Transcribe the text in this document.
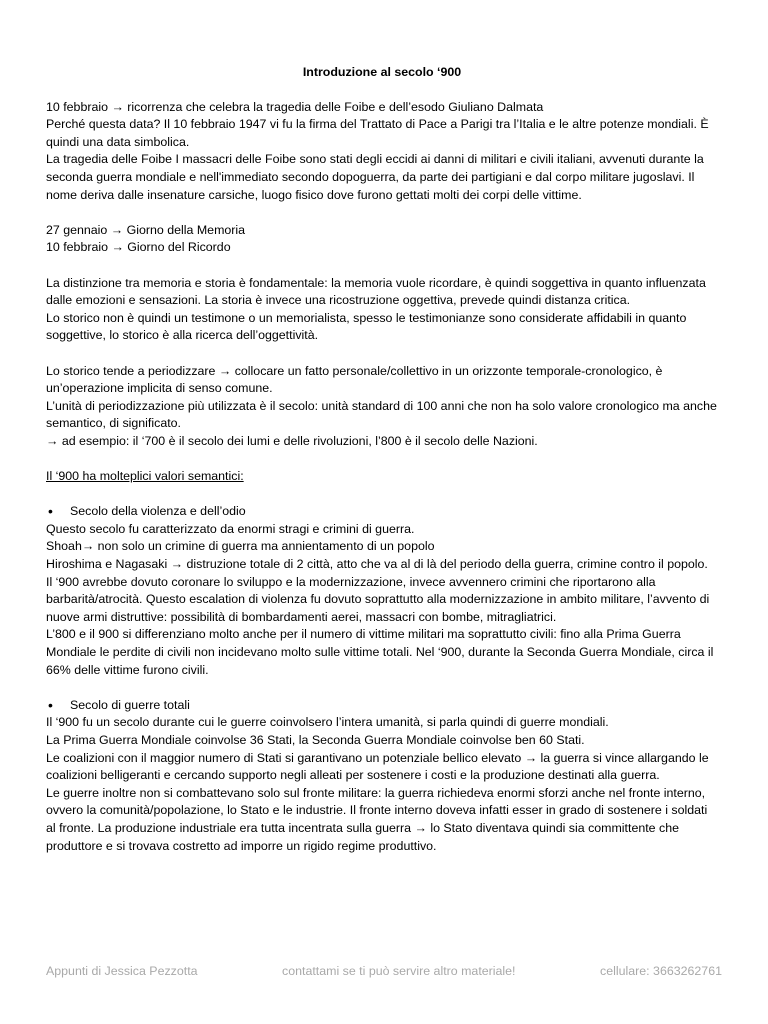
Introduzione al secolo ‘900

10 febbraio → ricorrenza che celebra la tragedia delle Foibe e dell’esodo Giuliano Dalmata

Perché questa data? Il 10 febbraio 1947 vi fu la firma del Trattato di Pace a Parigi tra l’Italia e le altre potenze mondiali. È quindi una data simbolica.

La tragedia delle Foibe I massacri delle Foibe sono stati degli eccidi ai danni di militari e civili italiani, avvenuti durante la seconda guerra mondiale e nell'immediato secondo dopoguerra, da parte dei partigiani e dal corpo militare jugoslavi. Il nome deriva dalle insenature carsiche, luogo fisico dove furono gettati molti dei corpi delle vittime.

27 gennaio → Giorno della Memoria

10 febbraio → Giorno del Ricordo

La distinzione tra memoria e storia è fondamentale: la memoria vuole ricordare, è quindi soggettiva in quanto influenzata dalle emozioni e sensazioni. La storia è invece una ricostruzione oggettiva, prevede quindi distanza critica.

Lo storico non è quindi un testimone o un memorialista, spesso le testimonianze sono considerate affidabili in quanto soggettive, lo storico è alla ricerca dell’oggettività.

Lo storico tende a periodizzare → collocare un fatto personale/collettivo in un orizzonte temporale-cronologico, è un’operazione implicita di senso comune.

L’unità di periodizzazione più utilizzata è il secolo: unità standard di 100 anni che non ha solo valore cronologico ma anche semantico, di significato.

→ ad esempio: il ‘700 è il secolo dei lumi e delle rivoluzioni, l’800 è il secolo delle Nazioni.

Il ‘900 ha molteplici valori semantici:

• Secolo della violenza e dell’odio

Questo secolo fu caratterizzato da enormi stragi e crimini di guerra.

Shoah→ non solo un crimine di guerra ma annientamento di un popolo

Hiroshima e Nagasaki → distruzione totale di 2 città, atto che va al di là del periodo della guerra, crimine contro il popolo.

Il ‘900 avrebbe dovuto coronare lo sviluppo e la modernizzazione, invece avvennero crimini che riportarono alla barbarità/atrocità. Questo escalation di violenza fu dovuto soprattutto alla modernizzazione in ambito militare, l’avvento di nuove armi distruttive: possibilità di bombardamenti aerei, massacri con bombe, mitragliatrici.

L’800 e il 900 si differenziano molto anche per il numero di vittime militari ma soprattutto civili: fino alla Prima Guerra Mondiale le perdite di civili non incidevano molto sulle vittime totali. Nel ‘900, durante la Seconda Guerra Mondiale, circa il 66% delle vittime furono civili.

• Secolo di guerre totali

Il ‘900 fu un secolo durante cui le guerre coinvolsero l’intera umanità, si parla quindi di guerre mondiali.

La Prima Guerra Mondiale coinvolse 36 Stati, la Seconda Guerra Mondiale coinvolse ben 60 Stati.

Le coalizioni con il maggior numero di Stati si garantivano un potenziale bellico elevato → la guerra si vince allargando le coalizioni belligeranti e cercando supporto negli alleati per sostenere i costi e la produzione destinati alla guerra.

Le guerre inoltre non si combattevano solo sul fronte militare: la guerra richiedeva enormi sforzi anche nel fronte interno, ovvero la comunità/popolazione, lo Stato e le industrie. Il fronte interno doveva infatti esser in grado di sostenere i soldati al fronte. La produzione industriale era tutta incentrata sulla guerra → lo Stato diventava quindi sia committente che produttore e si trovava costretto ad imporre un rigido regime produttivo.

Appunti di Jessica Pezzotta	contattami se ti può servire altro materiale!	cellulare: 3663262761
